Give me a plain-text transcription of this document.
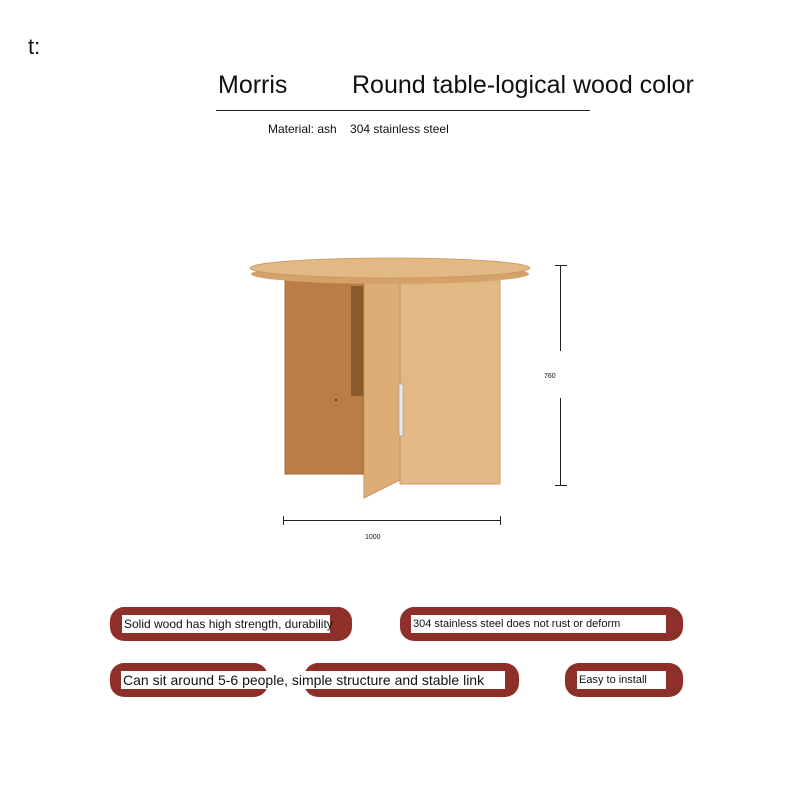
t:
Morris	Round table-logical wood color
Material: ash 304 stainless steel
760
1000
Solid wood has high strength, durability	304 stainless steel does not rust or deform
Can sit around 5-6 people, simple structure and stable link	Easy to install
